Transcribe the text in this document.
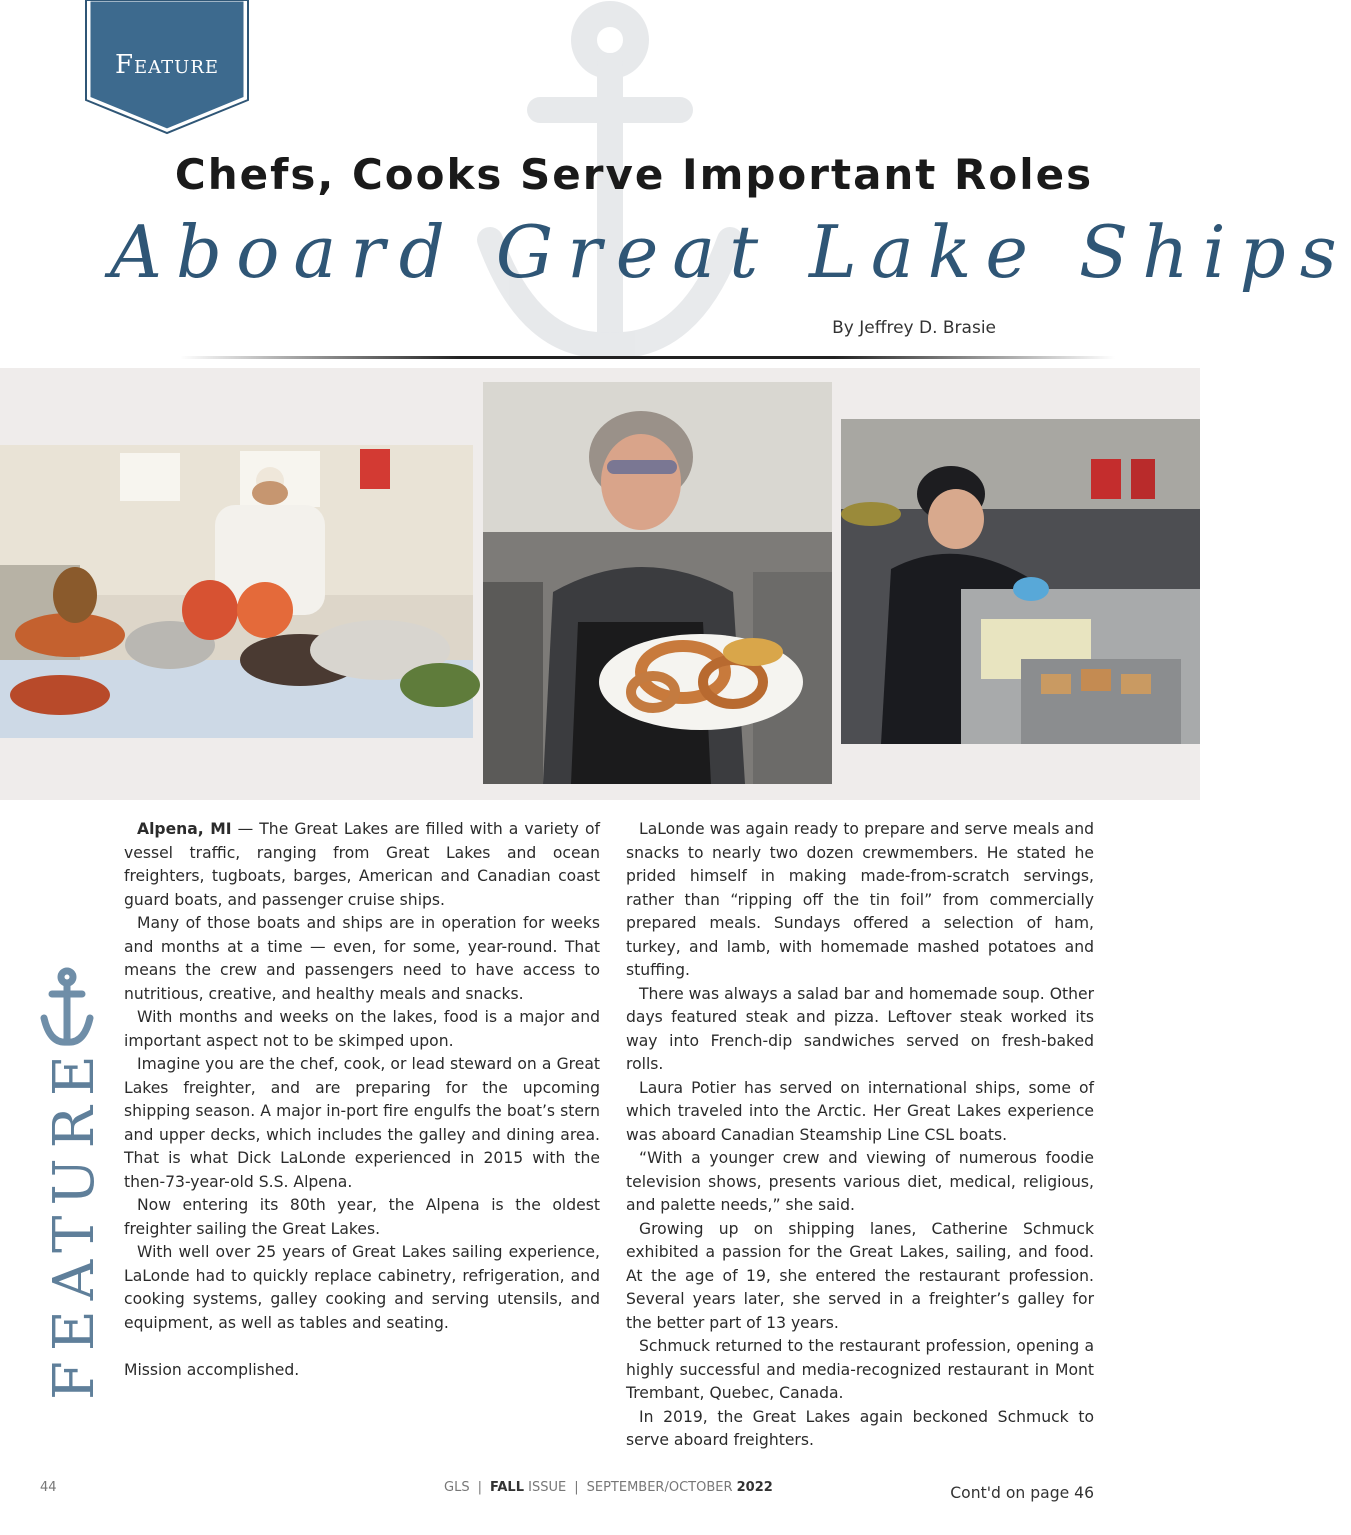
Feature
Chefs, Cooks Serve Important Roles
Aboard Great Lake Ships
By Jeffrey D. Brasie
FEATURE

Alpena, MI — The Great Lakes are filled with a variety of vessel traffic, ranging from Great Lakes and ocean freighters, tugboats, barges, American and Canadian coast guard boats, and passenger cruise ships.

Many of those boats and ships are in operation for weeks and months at a time — even, for some, year-round. That means the crew and passengers need to have access to nutritious, creative, and healthy meals and snacks.

With months and weeks on the lakes, food is a major and important aspect not to be skimped upon.

Imagine you are the chef, cook, or lead steward on a Great Lakes freighter, and are preparing for the upcoming shipping season. A major in-port fire engulfs the boat’s stern and upper decks, which includes the galley and dining area. That is what Dick LaLonde experienced in 2015 with the then-73-year-old S.S. Alpena.

Now entering its 80th year, the Alpena is the oldest freighter sailing the Great Lakes.

With well over 25 years of Great Lakes sailing experience, LaLonde had to quickly replace cabinetry, refrigeration, and cooking systems, galley cooking and serving utensils, and equipment, as well as tables and seating.

Mission accomplished.

LaLonde was again ready to prepare and serve meals and snacks to nearly two dozen crewmembers. He stated he prided himself in making made-from-scratch servings, rather than “ripping off the tin foil” from commercially prepared meals. Sundays offered a selection of ham, turkey, and lamb, with homemade mashed potatoes and stuffing.

There was always a salad bar and homemade soup. Other days featured steak and pizza. Leftover steak worked its way into French-dip sandwiches served on fresh-baked rolls.

Laura Potier has served on international ships, some of which traveled into the Arctic. Her Great Lakes experience was aboard Canadian Steamship Line CSL boats.

“With a younger crew and viewing of numerous foodie television shows, presents various diet, medical, religious, and palette needs,” she said.

Growing up on shipping lanes, Catherine Schmuck exhibited a passion for the Great Lakes, sailing, and food. At the age of 19, she entered the restaurant profession. Several years later, she served in a freighter’s galley for the better part of 13 years.

Schmuck returned to the restaurant profession, opening a highly successful and media-recognized restaurant in Mont Trembant, Quebec, Canada.

In 2019, the Great Lakes again beckoned Schmuck to serve aboard freighters.

Cont'd on page 46
44	GLS | FALL ISSUE | SEPTEMBER/OCTOBER 2022
